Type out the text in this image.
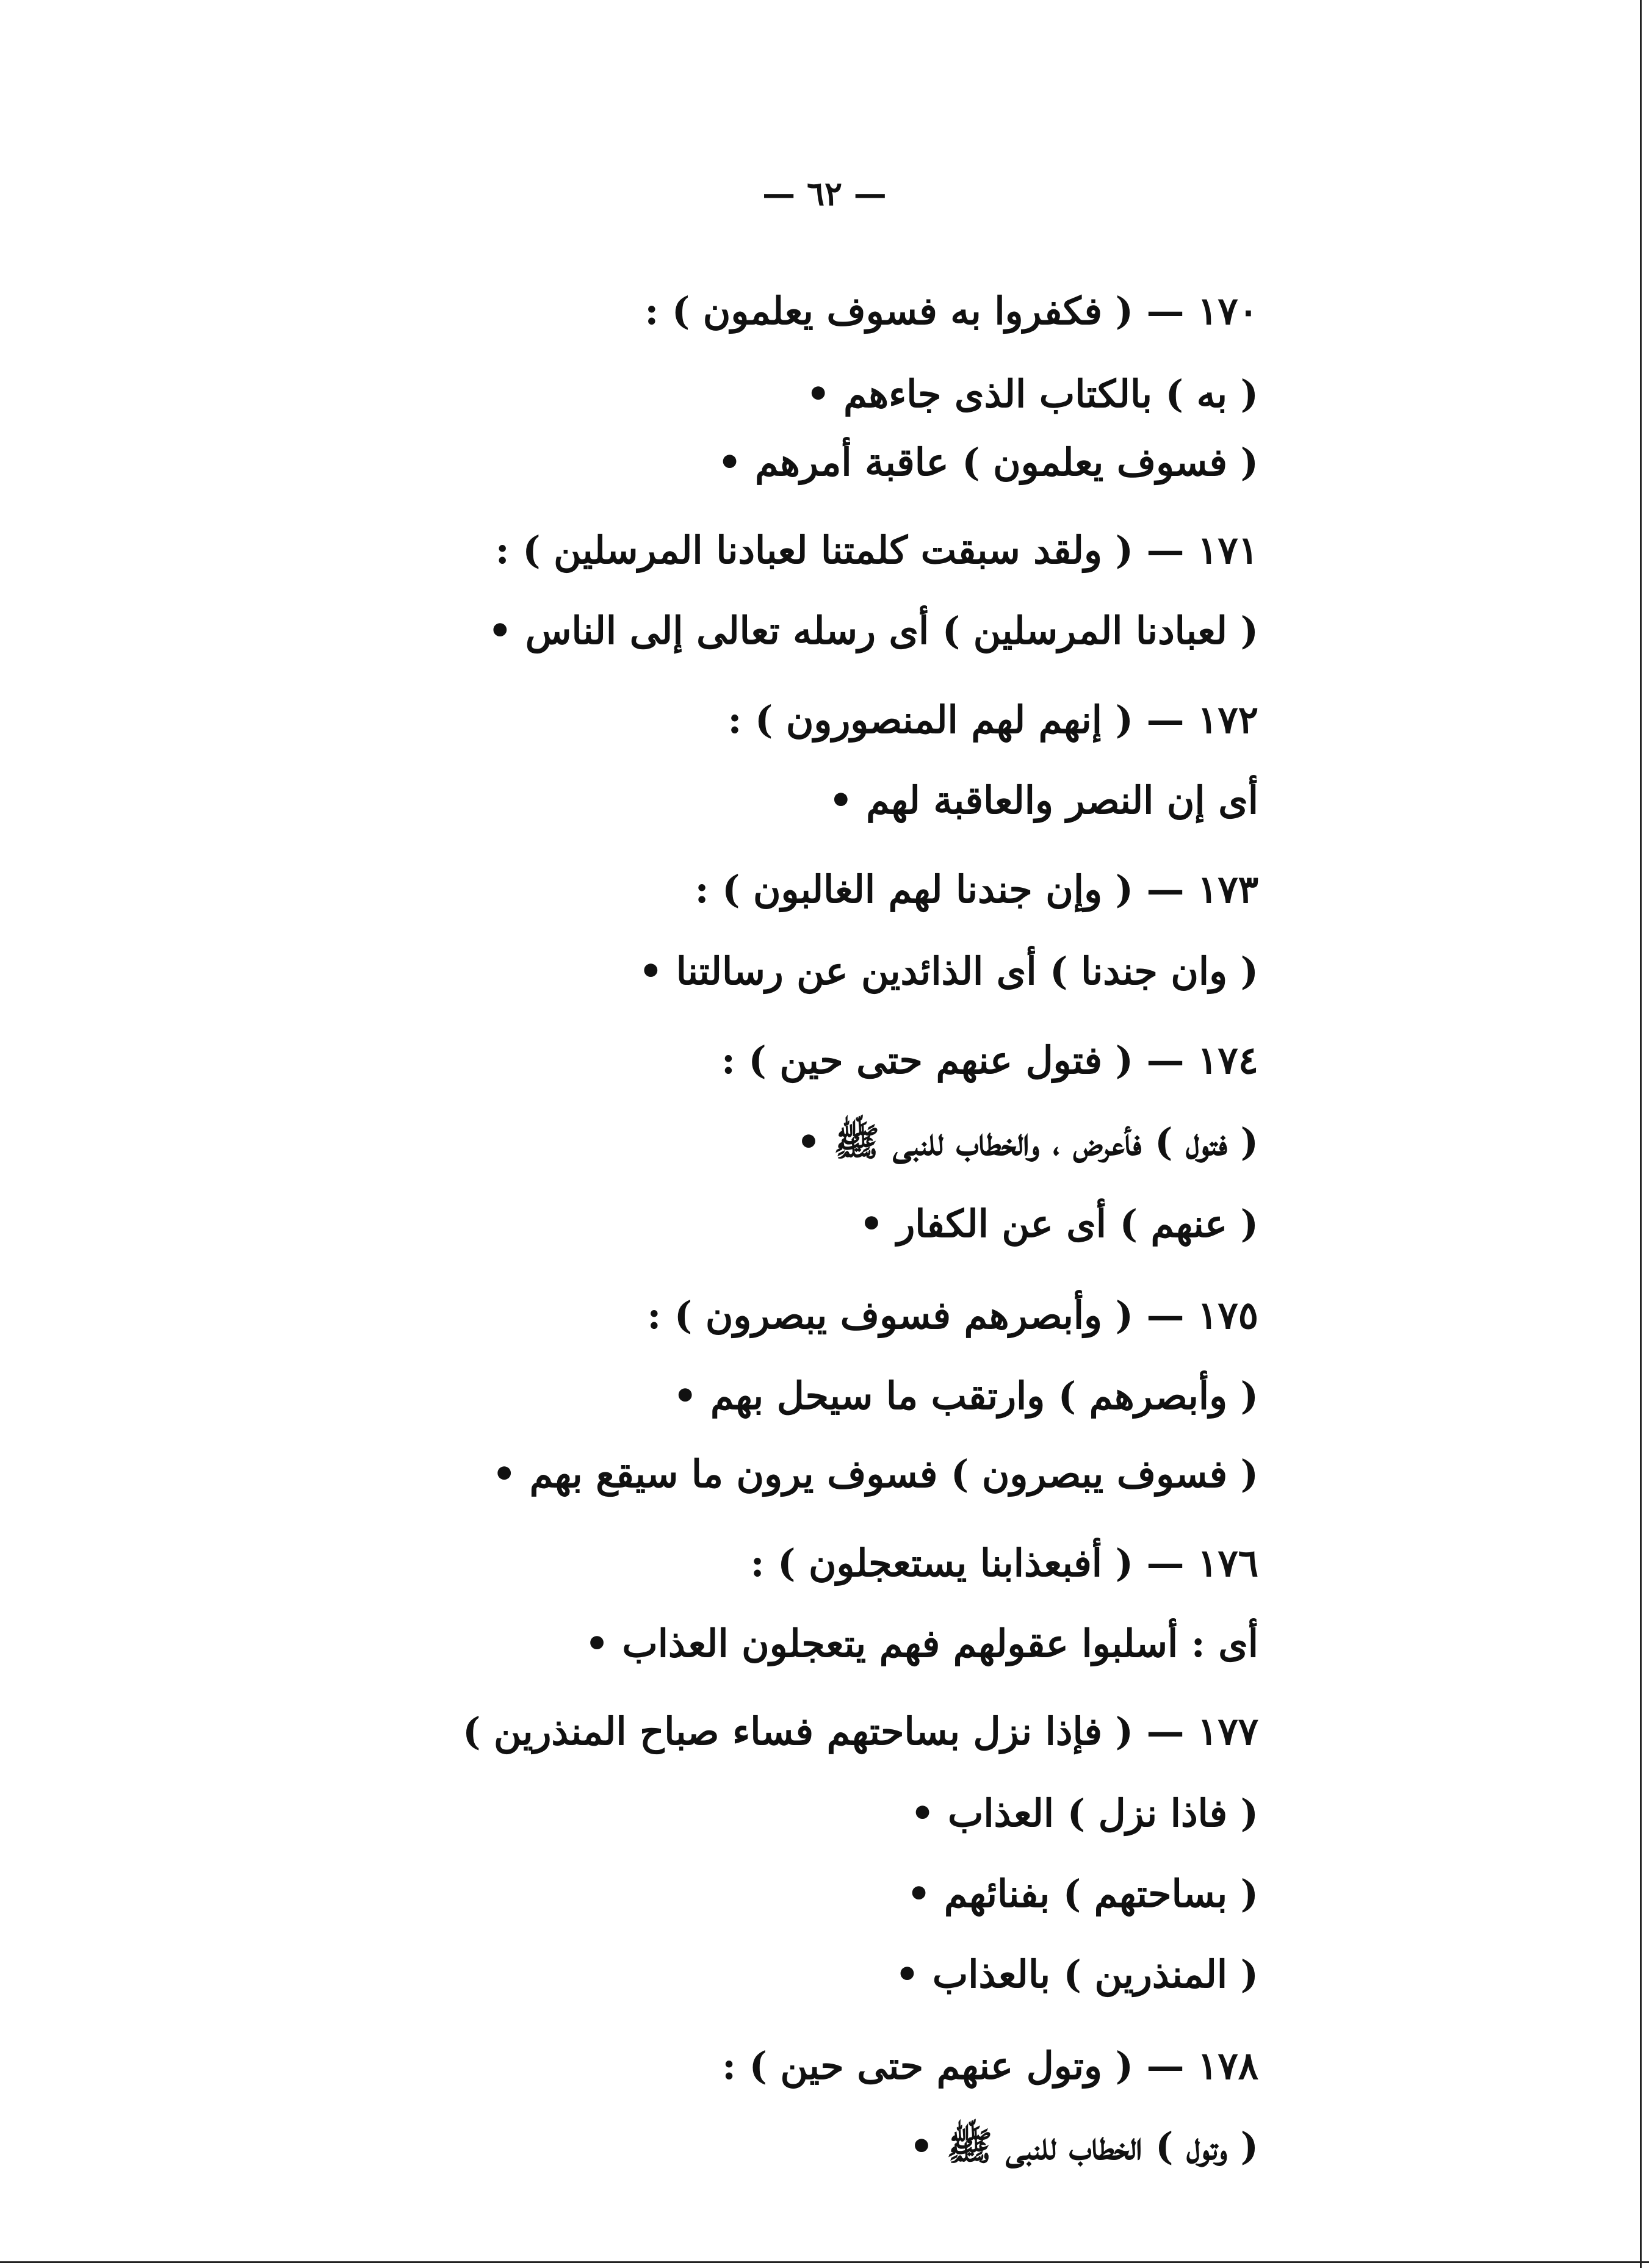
— ٦٢ —
١٧٠ — ( فكفروا به فسوف يعلمون ) :
( به ) بالكتاب الذى جاءهم •
( فسوف يعلمون ) عاقبة أمرهم •
١٧١ — ( ولقد سبقت كلمتنا لعبادنا المرسلين ) :
( لعبادنا المرسلين ) أى رسله تعالى إلى الناس •
١٧٢ — ( إنهم لهم المنصورون ) :
أى إن النصر والعاقبة لهم •
١٧٣ — ( وإن جندنا لهم الغالبون ) :
( وان جندنا ) أى الذائدين عن رسالتنا •
١٧٤ — ( فتول عنهم حتى حين ) :
( فتول ) فأعرض ، والخطاب للنبى ﷺ •
( عنهم ) أى عن الكفار •
١٧٥ — ( وأبصرهم فسوف يبصرون ) :
( وأبصرهم ) وارتقب ما سيحل بهم •
( فسوف يبصرون ) فسوف يرون ما سيقع بهم •
١٧٦ — ( أفبعذابنا يستعجلون ) :
أى : أسلبوا عقولهم فهم يتعجلون العذاب •
١٧٧ — ( فإذا نزل بساحتهم فساء صباح المنذرين )
( فاذا نزل ) العذاب •
( بساحتهم ) بفنائهم •
( المنذرين ) بالعذاب •
١٧٨ — ( وتول عنهم حتى حين ) :
( وتول ) الخطاب للنبى ﷺ •
